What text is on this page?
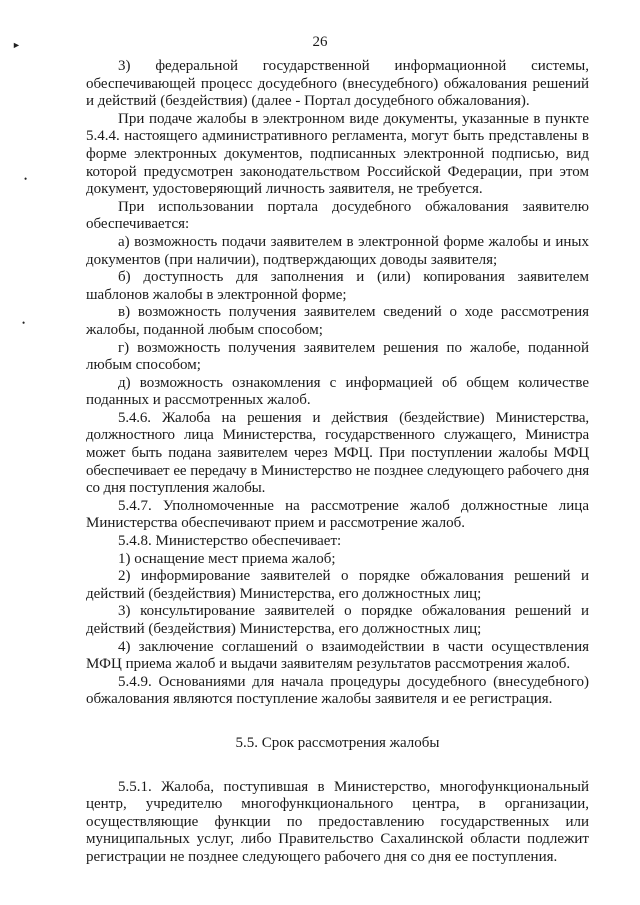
26
►
•
•

3) федеральной государственной информационной системы, обеспечивающей процесс досудебного (внесудебного) обжалования решений и действий (бездействия) (далее - Портал досудебного обжалования).

При подаче жалобы в электронном виде документы, указанные в пункте 5.4.4. настоящего административного регламента, могут быть представлены в форме электронных документов, подписанных электронной подписью, вид которой предусмотрен законодательством Российской Федерации, при этом документ, удостоверяющий личность заявителя, не требуется.

При использовании портала досудебного обжалования заявителю обеспечивается:

а) возможность подачи заявителем в электронной форме жалобы и иных документов (при наличии), подтверждающих доводы заявителя;

б) доступность для заполнения и (или) копирования заявителем шаблонов жалобы в электронной форме;

в) возможность получения заявителем сведений о ходе рассмотрения жалобы, поданной любым способом;

г) возможность получения заявителем решения по жалобе, поданной любым способом;

д) возможность ознакомления с информацией об общем количестве поданных и рассмотренных жалоб.

5.4.6. Жалоба на решения и действия (бездействие) Министерства, должностного лица Министерства, государственного служащего, Министра может быть подана заявителем через МФЦ. При поступлении жалобы МФЦ обеспечивает ее передачу в Министерство не позднее следующего рабочего дня со дня поступления жалобы.

5.4.7. Уполномоченные на рассмотрение жалоб должностные лица Министерства обеспечивают прием и рассмотрение жалоб.

5.4.8. Министерство обеспечивает:

1) оснащение мест приема жалоб;

2) информирование заявителей о порядке обжалования решений и действий (бездействия) Министерства, его должностных лиц;

3) консультирование заявителей о порядке обжалования решений и действий (бездействия) Министерства, его должностных лиц;

4) заключение соглашений о взаимодействии в части осуществления МФЦ приема жалоб и выдачи заявителям результатов рассмотрения жалоб.

5.4.9. Основаниями для начала процедуры досудебного (внесудебного) обжалования являются поступление жалобы заявителя и ее регистрация.

5.5. Срок рассмотрения жалобы

5.5.1. Жалоба, поступившая в Министерство, многофункциональный центр, учредителю многофункционального центра, в организации, осуществляющие функции по предоставлению государственных или муниципальных услуг, либо Правительство Сахалинской области подлежит регистрации не позднее следующего рабочего дня со дня ее поступления.
